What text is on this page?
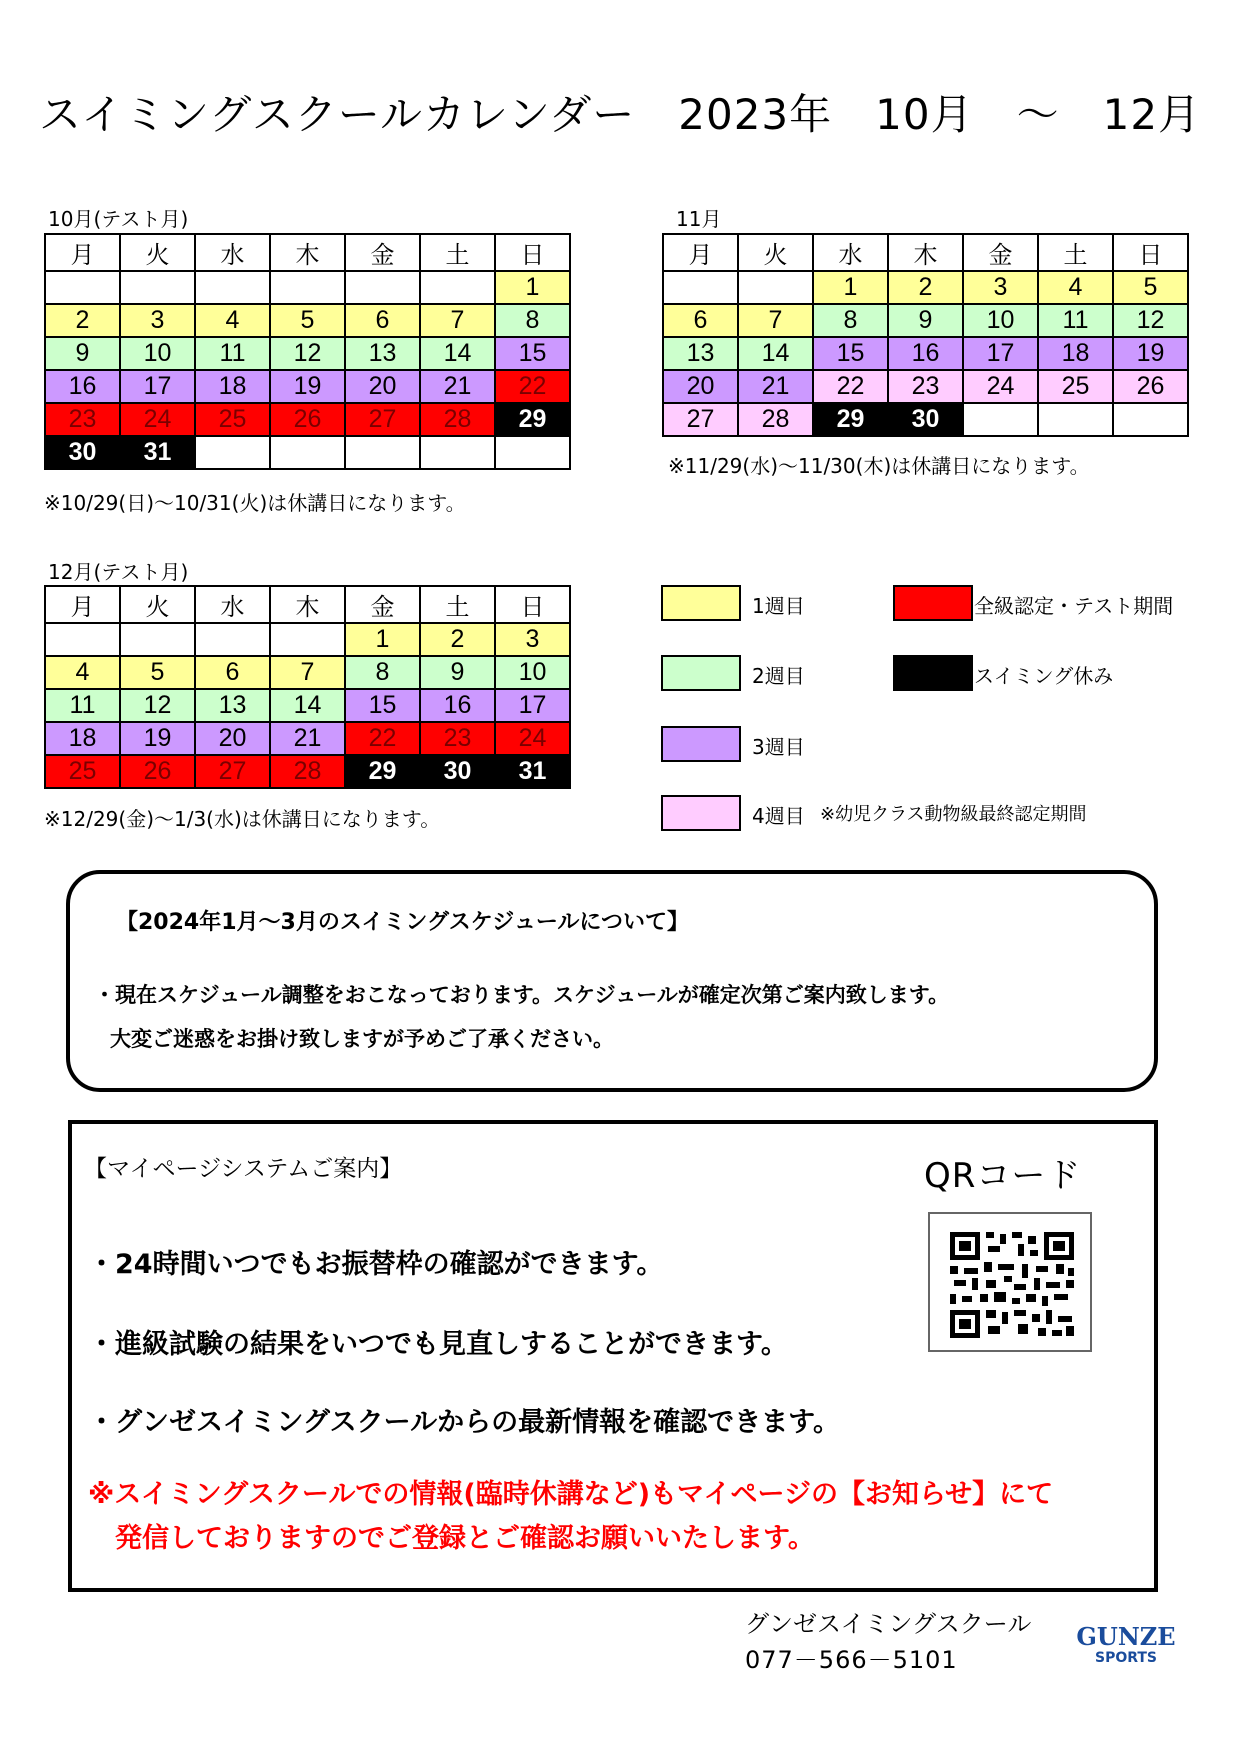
スイミングスクールカレンダー　2023年　10月　～　12月
10月(テスト月)
月	火	水	木	金	土	日
						1
2	3	4	5	6	7	8
9	10	11	12	13	14	15
16	17	18	19	20	21	22
23	24	25	26	27	28	29
30	31					
※10/29(日)～10/31(火)は休講日になります。
11月
月	火	水	木	金	土	日
		1	2	3	4	5
6	7	8	9	10	11	12
13	14	15	16	17	18	19
20	21	22	23	24	25	26
27	28	29	30			
※11/29(水)～11/30(木)は休講日になります。
12月(テスト月)
月	火	水	木	金	土	日
				1	2	3
4	5	6	7	8	9	10
11	12	13	14	15	16	17
18	19	20	21	22	23	24
25	26	27	28	29	30	31
※12/29(金)～1/3(水)は休講日になります。
1週目
2週目
3週目
4週目 ※幼児クラス動物級最終認定期間
全級認定・テスト期間
スイミング休み
【2024年1月～3月のスイミングスケジュールについて】
・現在スケジュール調整をおこなっております。スケジュールが確定次第ご案内致します。
大変ご迷惑をお掛け致しますが予めご了承ください。
【マイページシステムご案内】	QRコード
・24時間いつでもお振替枠の確認ができます。
・進級試験の結果をいつでも見直しすることができます。
・グンゼスイミングスクールからの最新情報を確認できます。
※スイミングスクールでの情報(臨時休講など)もマイページの【お知らせ】にて
発信しておりますのでご登録とご確認お願いいたします。
グンゼスイミングスクール
077－566－5101
GUNZE
SPORTS
